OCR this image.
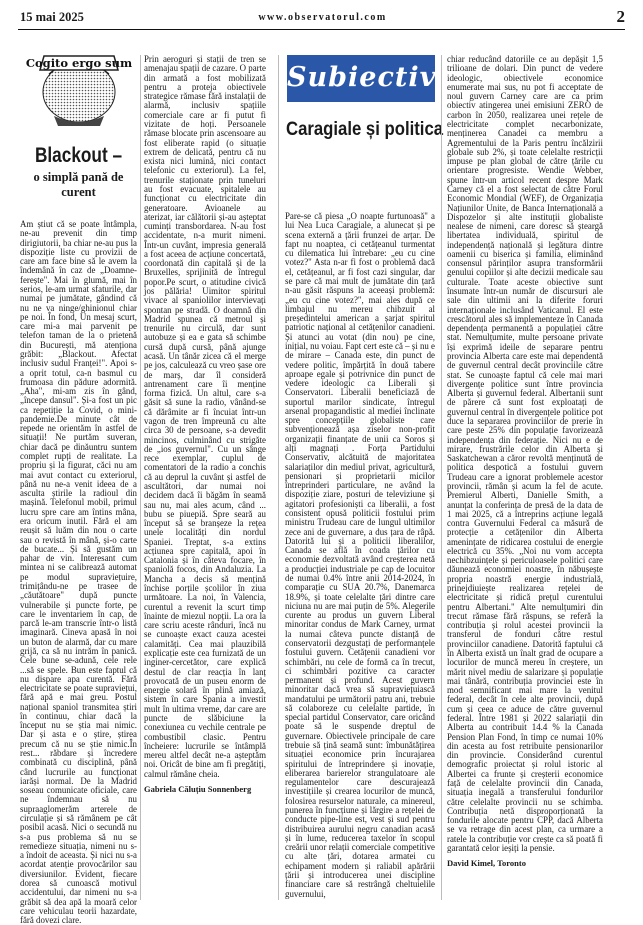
15 mai 2025	www.observatorul.com	2
Cogito ergo sum
Blackout –
o simplă pană de curent

Am știut că se poate întâmpla, ne-au prevenit din timp dirigiutorii, ba chiar ne-au pus la dispoziție liste cu provizii de care am face bine să le avem la îndemână în caz de „Doamne-ferește". Mai în glumă, mai în serios, le-am urmat sfaturile, dar numai pe jumătate, gândind că nu ne va ninge/ghinionul chiar pe noi. În fond, Un mesaj scurt, care mi-a mai parvenit pe telefon taman de la o prietenă din București, mă atenționa grăbit: „Blackout. Afectat inclusiv sudul Franței!". Apoi s-a oprit totul, ca-n basmul cu frumoasa din pădure adormită. „Aha", mi-am zis în gând, „începe dansul". Și-a fost un pic ca repetiție la Covid, o mini-pandemie.De minute cât de repede ne orientăm în astfel de situații! Ne purtăm suveran, chiar dacă pe dinăuntru suntem complet rupți de realitate. La propriu și la figurat, căci nu am mai avut contact cu exteriorul, până nu ne-a venit ideea de a asculta știrile la radioul din mașină. Telefonul mobil, primul lucru spre care am întins mâna, era oricum inutil. Fără el am reușit să luăm din nou o carte sau o revistă în mână, și-o carte de bucate... Și să gustăm un pahar de vin. Interesant cum mintea ni se calibrează automat pe modul supraviețuire, trimițându-ne pe trasee de „căutătoare" după puncte vulnerabile și puncte forte, pe care le inventariem în cap, de parcă le-am transcrie într-o listă imaginară. Cineva apasă în noi un buton de alarmă, dar cu mare grijă, ca să nu intrăm în panică. Cele bune se-adună, cele rele ...să se spele. Bun este faptul că nu dispare apa curentă. Fără electricitate se poate supraviețui, fără apă e mai greu. Postul național spaniol transmitea știri în continuu, chiar dacă la început nu se știa mai nimic. Dar și asta e o știre, știrea precum că nu se știe nimic.În rest... răbdare și încredere combinată cu disciplină, până când lucrurile au funcționat iarăși normal. De la Madrid soseau comunicate oficiale, care ne îndemnau să nu supraaglomerăm arterele de circulație și să rămânem pe cât posibil acasă. Nici o secundă nu s-a pus problema să nu se remedieze situația, nimeni nu s-a îndoit de aceasta. Și nici nu s-a acordat atenție provocărilor sau diversiunilor. Evident, fiecare dorea să cunoască motivul accidentului, dar nimeni nu s-a grăbit să dea apă la moară celor care vehiculau teorii hazardate, fără dovezi clare.

Prin aeroguri și stații de tren se amenajau spații de cazare. O parte din armată a fost mobilizată pentru a proteja obiectivele strategice rămase fără instalații de alarmă, inclusiv spațiile comerciale care ar fi putut fi vizitate de hoți. Persoanele rămase blocate prin ascensoare au fost eliberate rapid (o situație extrem de delicată, pentru că nu exista nici lumină, nici contact telefonic cu exteriorul). La fel, trenurile staționate prin tuneluri au fost evacuate, spitalele au funcționat cu electricitate din generatoare. Avioanele au aterizat, iar călătorii și-au așteptat cuminți transbordarea. N-au fost accidentate, n-a murit nimeni. Într-un cuvânt, impresia generală a fost aceea de acțiune concertată, coordonată din capitală și de la Bruxelles, sprijinită de întregul popor.Pe scurt, o atitudine civică jos pălăria! Uimitor spiritul vivace al spaniolilor intervievați spontan pe stradă. O doamnă din Madrid spunea că metroul și trenurile nu circulă, dar sunt autobuze și ea e gata să schimbe cursă după cursă, până ajunge acasă. Un tânăr zicea că el merge pe jos, calculează cu vreo șase ore de marș, dar îl consideră antrenament care îi menține forma fizică. Un altul, care s-a găsit să sune la radio, vânând-se că dărâmite ar fi încuiat într-un vagon de tren împreună cu alte circa 30 de persoane, s-a devedit mincinos, culminând cu strigăte de „ios guvernul". Cu un sânge rece exemplar, cuplul de comentatori de la radio a conchis că au deprul la cuvânt și astfel de ascultători, dar numai noi decidem dacă îi băgăm în seamă sau nu, mai ales acum, când ... bubu se piuepiă. Spre seară au început să se branșeze la rețea unele localități din nordul Spaniei. Treptat, s-a extins acțiunea spre capitală, apoi în Catalonia și în căteva focare, în spaniolă focos, din Andaluzia. La Mancha a decis să mențină închise porțile școlilor în ziua următoare. La noi, în Valencia, curentul a revenit la scurt timp înainte de miezul nopții. La ora la care scriu aceste rânduri, încă nu se cunoaște exact cauza acestei calamități. Cea mai plauzibilă explicație este cea furnizată de un inginer-cercetător, care explică destul de clar reacția în lanț provocată de un puseu enorm de energie solară în plină amiază, sistem în care Spania a investit mult în ultima vreme, dar care are puncte de slăbiciune la conexiunea cu vechile centrale pe combustibil clasic. Pentru încheiere: lucrurile se întâmplă mereu altfel decât ne-a așteptăm noi. Oricât de bine am fi pregătiți, calmul rămâne cheia.

Gabriela Căluțiu Sonnenberg
Subiectiv
Caragiale și politica

Pare-se că piesa „O noapte furtunoasă" a lui Nea Luca Caragiale, a alunecat și pe scena externă a țării frunzei de arțar. De fapt nu noaptea, ci cetățeanul turmentat cu dilematica lui întrebare: „eu cu cine votez?" Asta n-ar fi fost o problemă dacă el, cetățeanul, ar fi fost cazi singular, dar se pare că mai mult de jumătate din țară n-au găsit răspuns la aceeași problemă: „eu cu cine votez?", mai ales după ce limbajul nu mereu chibzuit al președintelui american a șarjat spiritul patriotic național al cetățenilor canadieni. Și atunci au votat (din nou) pe cine, inițial, nu voiau. Fapt cert este că – și nu e de mirare – Canada este, din punct de vedere politic, împărțită în două tabere aproape egale și potrivnice din punct de vedere ideologic ca Liberali și Conservatori. Liberalii beneficiază de suportul marilor sindicate, întregul arsenal propagandistic al mediei înclinate spre concepțiile globaliste care subvenționează așa ziselor non-profit organizații finanțate de unii ca Soros și alți magnați . Forța Partidului Conservativ, alcătuită de majoritatea salariaților din mediul privat, agricultură, pensionari și proprietarii micilor întreprinderi particulare, ne având la dispoziție ziare, posturi de televiziune și agitatori profesioniști ca liberalii, a fost consistent opusă politicii fostului prim ministru Trudeau care de lungul ultimilor zece ani de guvernare, a dus țara de râpă. Datorită lui și a politicii liberalilor, Canada se află în coada țărilor cu economie dezvoltată având creșterea netă a producției industriale pe cap de locuitor de numai 0.4% între anii 2014-2024, în comparație cu SUA 20.7%, Danemarca 18.9%, și toate celelalte țări dintre care niciuna nu are mai puțin de 5%. Alegerile curente au produs un guvern Liberal minoritar condus de Mark Carney, urmat la numai câteva puncte distanță de conservatorii dezgustați de performanțele fostului guvern. Cetățenii canadieni vor schimbări, nu cele de formă ca în trecut, ci schimbări pozitive ca caracter permanent și profund. Acest guvern minoritar dacă vrea să supraviețuiască mandatului pe următorii patru ani, trebuie să colaboreze cu celelalte partide, în special partidul Conservator, care oricând poate să le suspende dreptul de guvernare. Obiectivele principale de care trebuie să țină seamă sunt: îmbunătățirea situației economice prin încurajarea spiritului de întreprindere și inovație, eliberarea barierelor strangulatoare ale regulamentelor care descurajează investițiile și creareа locurilor de muncă, folosirea resurselor naturale, ca minereul, punerea în funcțiune și lărgire a rețelei de conducte pipe-line est, vest și sud pentru distribuirea aurului negru canadian acasă și în lume, reducerea taxelor în scopul creării unor relații comerciale competitive cu alte țări, dotarea armatei cu echipament modern și raliabil apărării țării și introducerea unei discipline financiare care să restrângă cheltuielile guvernului,

chiar reducând datoriile ce au depășit 1,5 trilioane de dolari. Din punct de vedere ideologic, obiectivele economice enumerate mai sus, nu pot fi acceptate de noul guvern Carney care are ca prim obiectiv atingerea unei emisiuni ZERO de carbon în 2050, realizarea unei rețele de electricitate complet necarbonizate, menținerea Canadei ca membru a Agrementului de la Paris pentru încălzirii globale sub 2%, și toate celelalte restricții impuse pe plan global de către țările cu orientare progresiste. Wendie Webber, spune într-un articol recent despre Mark Carney că el a fost selectat de către Forul Economic Mondial (WEF), de Organizația Națiunilor Unite, de Banca Internațională a Dispozelor și alte instituții globaliste nealese de nimeni, care doresc să șteargă libertatea individuală, spiritul de independență națională și legătura dintre oamenii cu biserica și familia, eliminând consensul părinților asupra transformării genului copiilor și alte decizii medicale sau culturale. Toate aceste obiective sunt însumate într-un număr de discursuri ale sale din ultimii ani la diferite foruri internaționale inclusând Vaticanul. El este crescătorul ales să implementeze în Canada dependența permanentă a populației către stat. Nemulțumite, multe persoane private își exprimă ideile de separare pentru provincia Alberta care este mai dependentă de guvernul central decât provinciile către stat. Se cunoaște faptul că cele mai mari divergențe politice sunt între provincia Alberta și guvernul federal. Albertanii sunt de părere că sunt fost exploatați de guvernul central în divergențele politice pot duce la separarea provinciilor de prerie în care peste 25% din populație favorizează independența din federație. Nici nu e de mirare, frustrările celor din Alberta și Saskatchewan a căror revoltă menținută de politica despotică a fostului guvern Trudeau care a ignorat problemele acestor provincii, rămân și acum la fel de acute. Premierul Alberti, Danielle Smith, a anunțat la conferința de presă de la data de 1 mai 2025, că a întreprins acțiune legală contra Guvernului Federal ca măsură de protecție a cetățenilor din Alberta amenințate de ridicarea costului de energie electrică cu 35%. „Noi nu vom accepta nechibzuințele și periculoasele politici care dăunează economiei noastre, în năbușește propria noastră energie industrială, prinejdiuiește realizarea rețelei de electricitate și ridică prețul curentului pentru Albertani." Alte nemulțumiri din trecut rămase fără răspuns, se referă la contribuția și rolul acestei provincii la transferul de fonduri către restul provinciilor canadiene. Datorită faptului că în Alberta există un înalt grad de ocupare a locurilor de muncă mereu în creștere, un mărit nivel mediu de salarizare și populație mai tânără, contribuția provinciei este în mod semnificant mai mare la venitul federal, decât în cele alte provincii, după cum și ceea ce aduce de către guvernul federal. Între 1981 și 2022 salariații din Alberta au contribuit 14.4 % la Canada Pension Plan Fond, în timp ce numai 10% din acesta au fost retribuite pensionarilor din provincie. Considerând curentul demografic proiectat și rolul istoric al Albertei ca frunte și creșterii economice față de celelalte provincii din Canada, situația inegală a transferului fondurilor către celelalte provincii nu se schimba. Contribuția netă disproporționată la fondurile alocate pentru CPP, dacă Alberta se va retrage din acest plan, ca urmare a ratele la contribuție vor crește ca să poată fi garantată celor ieșiți la pensie.

David Kimel, Toronto
